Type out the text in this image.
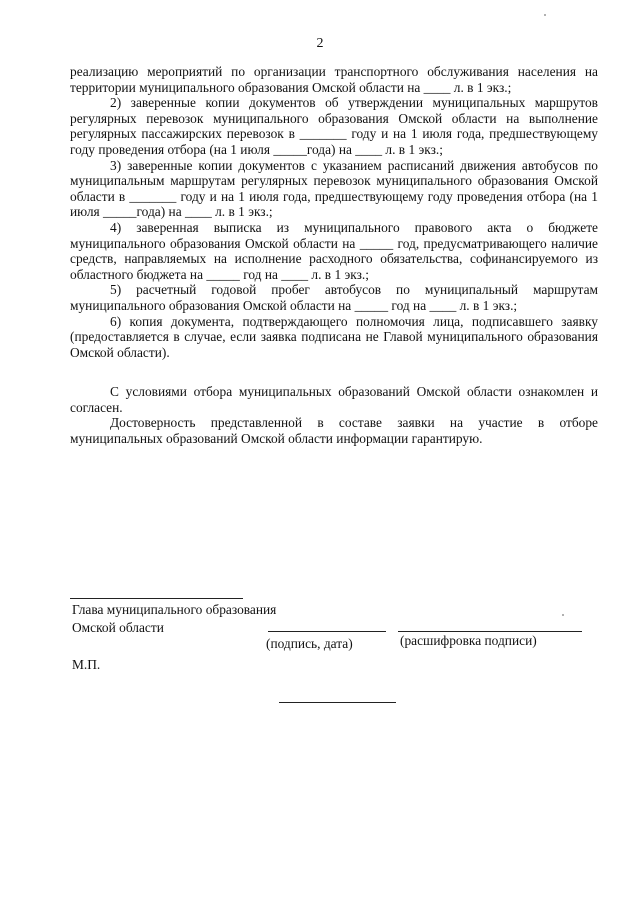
2

реализацию мероприятий по организации транспортного обслуживания населения на территории муниципального образования Омской области на ____ л. в 1 экз.;

2) заверенные копии документов об утверждении муниципальных маршрутов регулярных перевозок муниципального образования Омской области на выполнение регулярных пассажирских перевозок в _______ году и на 1 июля года, предшествующему году проведения отбора (на 1 июля _____года) на ____ л. в 1 экз.;

3) заверенные копии документов с указанием расписаний движения автобусов по муниципальным маршрутам регулярных перевозок муниципального образования Омской области в _______ году и на 1 июля года, предшествующему году проведения отбора (на 1 июля _____года) на ____ л. в 1 экз.;

4) заверенная выписка из муниципального правового акта о бюджете муниципального образования Омской области на _____ год, предусматривающего наличие средств, направляемых на исполнение расходного обязательства, софинансируемого из областного бюджета на _____ год на ____ л. в 1 экз.;

5) расчетный годовой пробег автобусов по муниципальный маршрутам муниципального образования Омской области на _____ год на ____ л. в 1 экз.;

6) копия документа, подтверждающего полномочия лица, подписавшего заявку (предоставляется в случае, если заявка подписана не Главой муниципального образования Омской области).

С условиями отбора муниципальных образований Омской области ознакомлен и согласен.

Достоверность представленной в составе заявки на участие в отборе муниципальных образований Омской области информации гарантирую.

Глава муниципального образования
Омской области
(подпись, дата)	(расшифровка подписи)
М.П.
